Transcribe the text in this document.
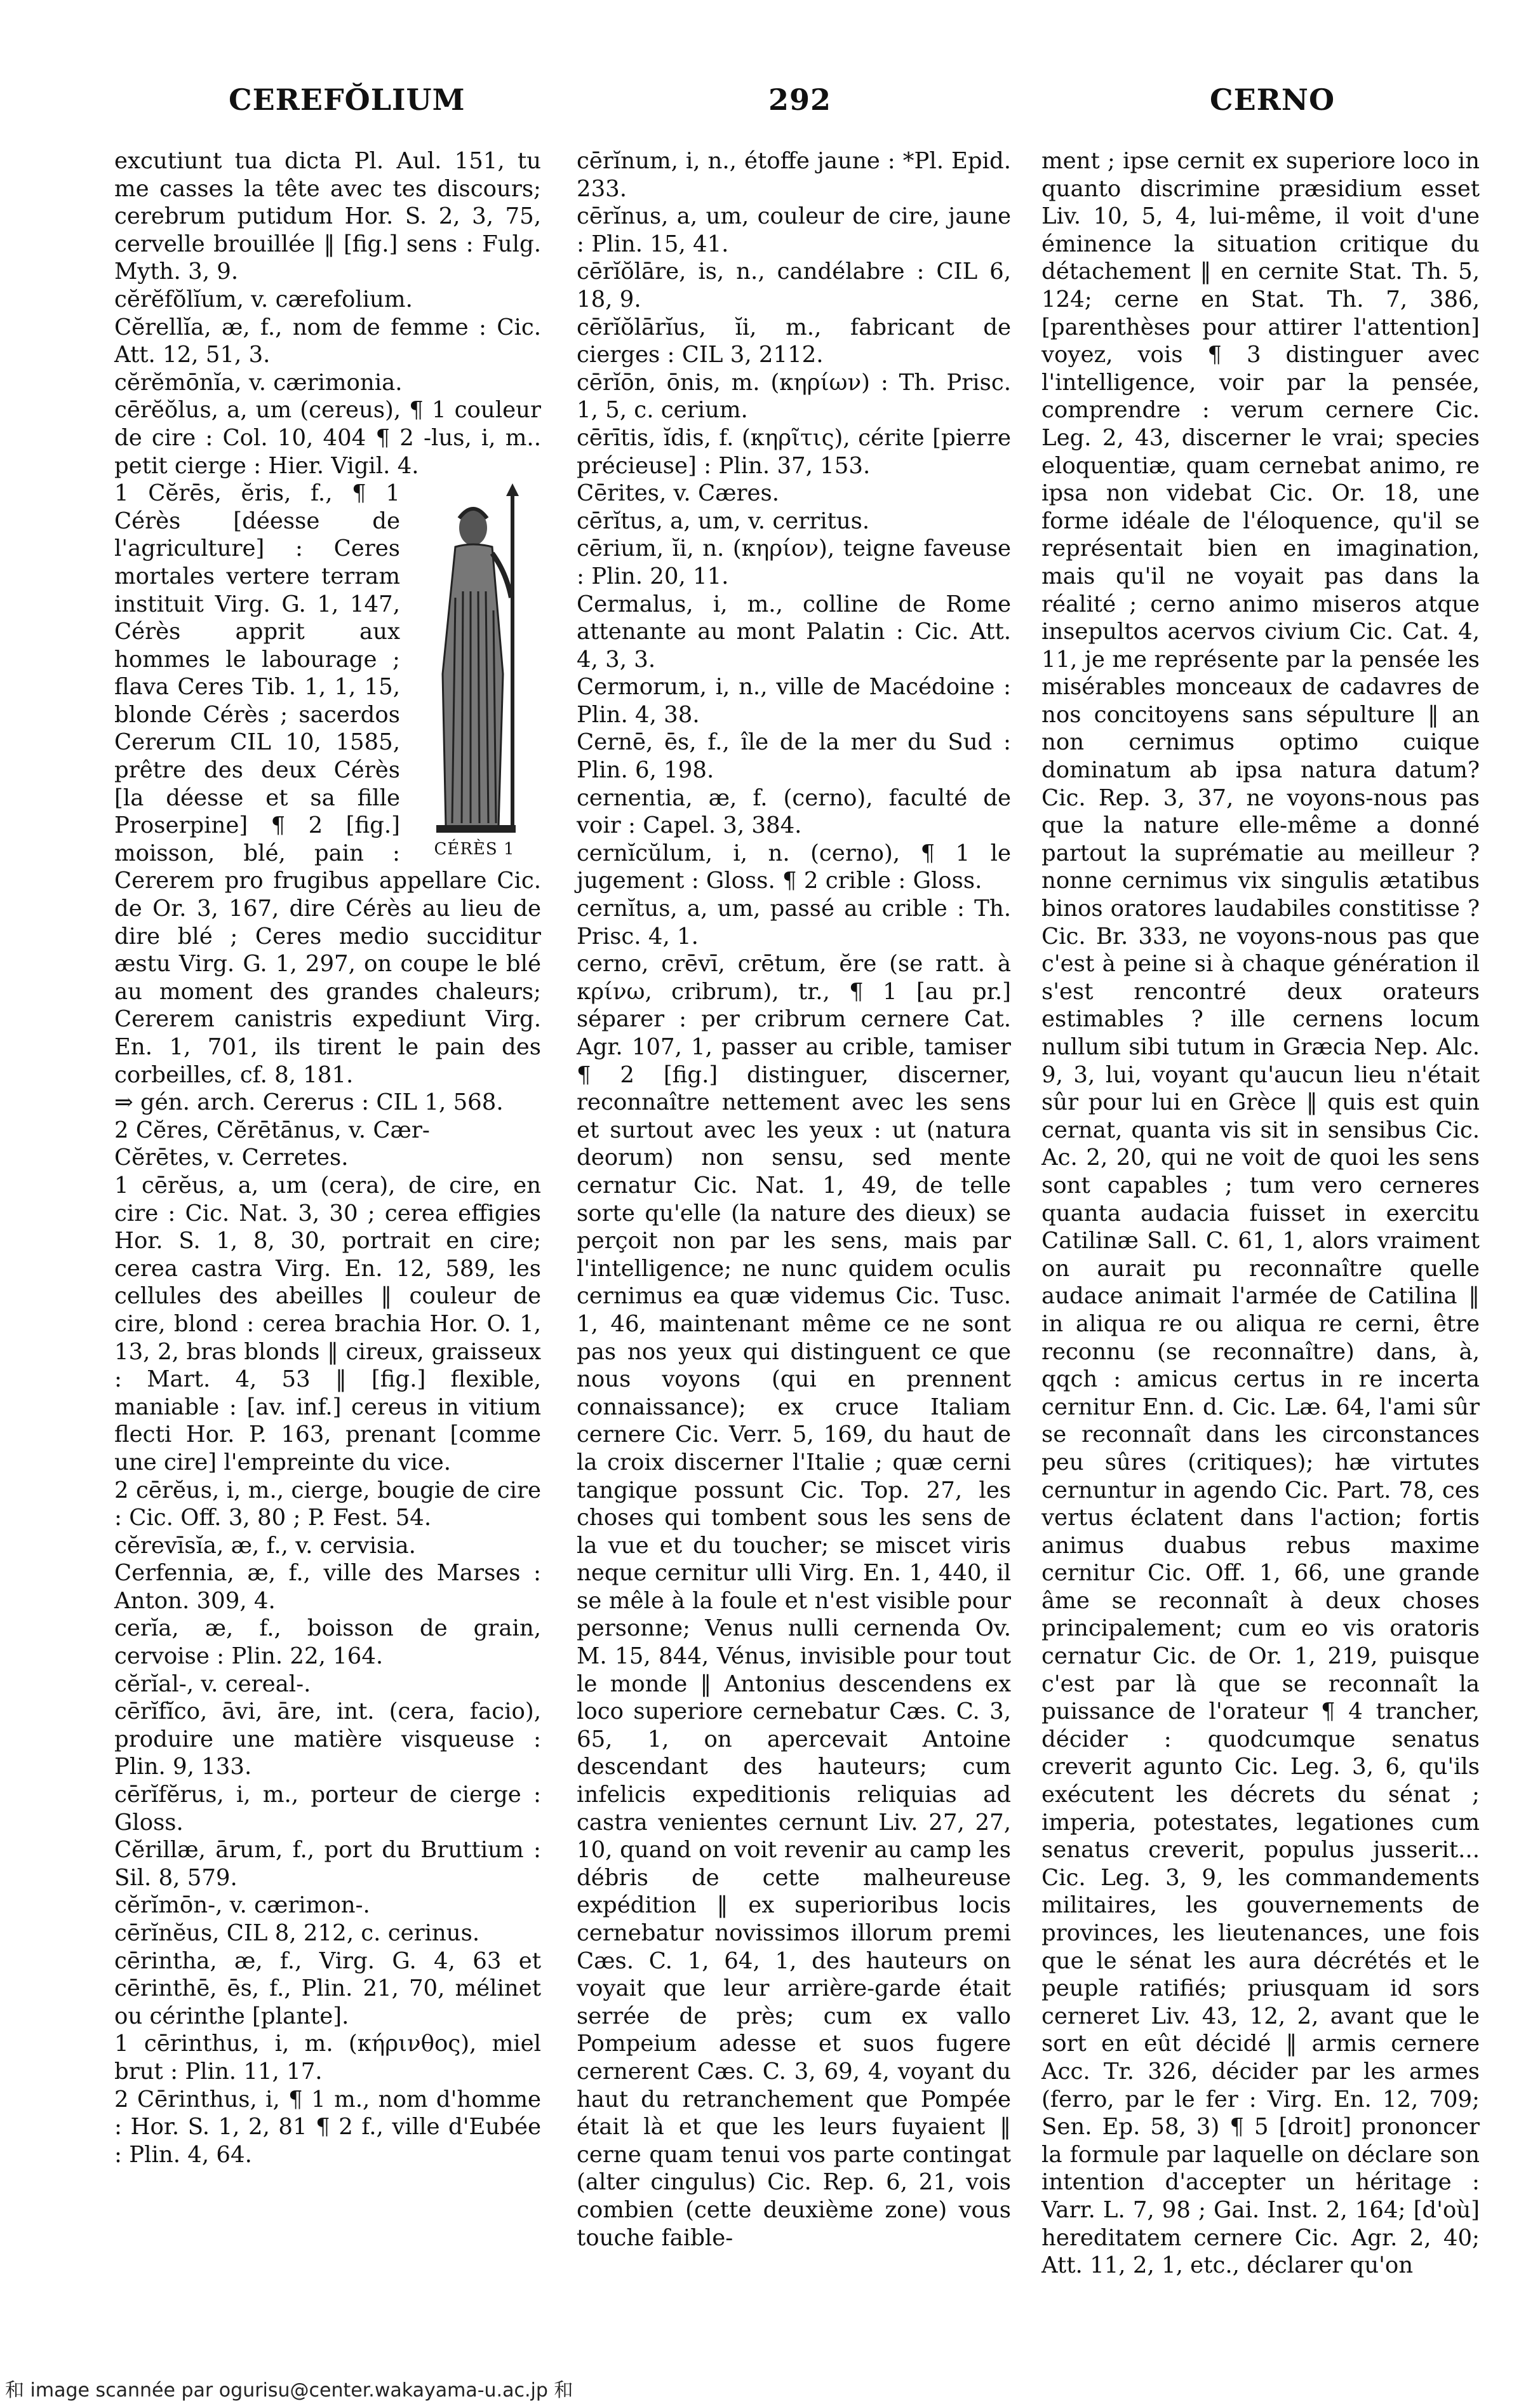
CEREFŎLIUM	292	CERNO

excutiunt tua dicta Pl. Aul. 151, tu me casses la tête avec tes discours; cerebrum putidum Hor. S. 2, 3, 75, cervelle brouillée ‖ [fig.] sens : Fulg. Myth. 3, 9.

cĕrĕfŏlĭum, v. cærefolium.

Cĕrellĭa, æ, f., nom de femme : Cic. Att. 12, 51, 3.

cĕrĕmōnĭa, v. cærimonia.

cērĕŏlus, a, um (cereus), ¶ 1 couleur de cire : Col. 10, 404 ¶ 2 -lus, i, m.. petit cierge : Hier. Vigil. 4.

CÉRÈS 1

1 Cĕrēs, ĕris, f., ¶ 1 Cérès [déesse de l'agriculture] : Ceres mortales vertere terram instituit Virg. G. 1, 147, Cérès apprit aux hommes le labourage ; flava Ceres Tib. 1, 1, 15, blonde Cérès ; sacerdos Cererum CIL 10, 1585, prêtre des deux Cérès [la déesse et sa fille Proserpine] ¶ 2 [fig.] moisson, blé, pain : Cererem pro frugibus appellare Cic. de Or. 3, 167, dire Cérès au lieu de dire blé ; Ceres medio succiditur æstu Virg. G. 1, 297, on coupe le blé au moment des grandes chaleurs; Cererem canistris expediunt Virg. En. 1, 701, ils tirent le pain des corbeilles, cf. 8, 181.

⇒ gén. arch. Cererus : CIL 1, 568.

2 Cĕres, Cĕrētānus, v. Cær-

Cĕrētes, v. Cerretes.

1 cērĕus, a, um (cera), de cire, en cire : Cic. Nat. 3, 30 ; cerea effigies Hor. S. 1, 8, 30, portrait en cire; cerea castra Virg. En. 12, 589, les cellules des abeilles ‖ couleur de cire, blond : cerea brachia Hor. O. 1, 13, 2, bras blonds ‖ cireux, graisseux : Mart. 4, 53 ‖ [fig.] flexible, maniable : [av. inf.] cereus in vitium flecti Hor. P. 163, prenant [comme une cire] l'empreinte du vice.

2 cērĕus, i, m., cierge, bougie de cire : Cic. Off. 3, 80 ; P. Fest. 54.

cĕrevīsĭa, æ, f., v. cervisia.

Cerfennia, æ, f., ville des Marses : Anton. 309, 4.

cerĭa, æ, f., boisson de grain, cervoise : Plin. 22, 164.

cĕrĭal-, v. cereal-.

cērĭfĭco, āvi, āre, int. (cera, facio), produire une matière visqueuse : Plin. 9, 133.

cērĭfĕrus, i, m., porteur de cierge : Gloss.

Cĕrillæ, ārum, f., port du Bruttium : Sil. 8, 579.

cĕrĭmōn-, v. cærimon-.

cērĭnĕus, CIL 8, 212, c. cerinus.

cērintha, æ, f., Virg. G. 4, 63 et cērinthē, ēs, f., Plin. 21, 70, mélinet ou cérinthe [plante].

1 cērinthus, i, m. (κήρινθος), miel brut : Plin. 11, 17.

2 Cērinthus, i, ¶ 1 m., nom d'homme : Hor. S. 1, 2, 81 ¶ 2 f., ville d'Eubée : Plin. 4, 64.

cērĭnum, i, n., étoffe jaune : *Pl. Epid. 233.

cērĭnus, a, um, couleur de cire, jaune : Plin. 15, 41.

cērĭŏlāre, is, n., candélabre : CIL 6, 18, 9.

cērĭŏlārĭus, ĭi, m., fabricant de cierges : CIL 3, 2112.

cērĭōn, ōnis, m. (κηρίων) : Th. Prisc. 1, 5, c. cerium.

cērītis, ĭdis, f. (κηρῖτις), cérite [pierre précieuse] : Plin. 37, 153.

Cērites, v. Cæres.

cērĭtus, a, um, v. cerritus.

cērium, ĭi, n. (κηρίον), teigne faveuse : Plin. 20, 11.

Cermalus, i, m., colline de Rome attenante au mont Palatin : Cic. Att. 4, 3, 3.

Cermorum, i, n., ville de Macédoine : Plin. 4, 38.

Cernē, ēs, f., île de la mer du Sud : Plin. 6, 198.

cernentia, æ, f. (cerno), faculté de voir : Capel. 3, 384.

cernĭcŭlum, i, n. (cerno), ¶ 1 le jugement : Gloss. ¶ 2 crible : Gloss.

cernĭtus, a, um, passé au crible : Th. Prisc. 4, 1.

cerno, crēvī, crētum, ĕre (se ratt. à κρίνω, cribrum), tr., ¶ 1 [au pr.] séparer : per cribrum cernere Cat. Agr. 107, 1, passer au crible, tamiser ¶ 2 [fig.] distinguer, discerner, reconnaître nettement avec les sens et surtout avec les yeux : ut (natura deorum) non sensu, sed mente cernatur Cic. Nat. 1, 49, de telle sorte qu'elle (la nature des dieux) se perçoit non par les sens, mais par l'intelligence; ne nunc quidem oculis cernimus ea quæ videmus Cic. Tusc. 1, 46, maintenant même ce ne sont pas nos yeux qui distinguent ce que nous voyons (qui en prennent connaissance); ex cruce Italiam cernere Cic. Verr. 5, 169, du haut de la croix discerner l'Italie ; quæ cerni tangique possunt Cic. Top. 27, les choses qui tombent sous les sens de la vue et du toucher; se miscet viris neque cernitur ulli Virg. En. 1, 440, il se mêle à la foule et n'est visible pour personne; Venus nulli cernenda Ov. M. 15, 844, Vénus, invisible pour tout le monde ‖ Antonius descendens ex loco superiore cernebatur Cæs. C. 3, 65, 1, on apercevait Antoine descendant des hauteurs; cum infelicis expeditionis reliquias ad castra venientes cernunt Liv. 27, 27, 10, quand on voit revenir au camp les débris de cette malheureuse expédition ‖ ex superioribus locis cernebatur novissimos illorum premi Cæs. C. 1, 64, 1, des hauteurs on voyait que leur arrière-garde était serrée de près; cum ex vallo Pompeium adesse et suos fugere cernerent Cæs. C. 3, 69, 4, voyant du haut du retranchement que Pompée était là et que les leurs fuyaient ‖ cerne quam tenui vos parte contingat (alter cingulus) Cic. Rep. 6, 21, vois combien (cette deuxième zone) vous touche faible-

ment ; ipse cernit ex superiore loco in quanto discrimine præsidium esset Liv. 10, 5, 4, lui-même, il voit d'une éminence la situation critique du détachement ‖ en cernite Stat. Th. 5, 124; cerne en Stat. Th. 7, 386, [parenthèses pour attirer l'attention] voyez, vois ¶ 3 distinguer avec l'intelligence, voir par la pensée, comprendre : verum cernere Cic. Leg. 2, 43, discerner le vrai; species eloquentiæ, quam cernebat animo, re ipsa non videbat Cic. Or. 18, une forme idéale de l'éloquence, qu'il se représentait bien en imagination, mais qu'il ne voyait pas dans la réalité ; cerno animo miseros atque insepultos acervos civium Cic. Cat. 4, 11, je me représente par la pensée les misérables monceaux de cadavres de nos concitoyens sans sépulture ‖ an non cernimus optimo cuique dominatum ab ipsa natura datum? Cic. Rep. 3, 37, ne voyons-nous pas que la nature elle-même a donné partout la suprématie au meilleur ? nonne cernimus vix singulis ætatibus binos oratores laudabiles constitisse ? Cic. Br. 333, ne voyons-nous pas que c'est à peine si à chaque génération il s'est rencontré deux orateurs estimables ? ille cernens locum nullum sibi tutum in Græcia Nep. Alc. 9, 3, lui, voyant qu'aucun lieu n'était sûr pour lui en Grèce ‖ quis est quin cernat, quanta vis sit in sensibus Cic. Ac. 2, 20, qui ne voit de quoi les sens sont capables ; tum vero cerneres quanta audacia fuisset in exercitu Catilinæ Sall. C. 61, 1, alors vraiment on aurait pu reconnaître quelle audace animait l'armée de Catilina ‖ in aliqua re ou aliqua re cerni, être reconnu (se reconnaître) dans, à, qqch : amicus certus in re incerta cernitur Enn. d. Cic. Læ. 64, l'ami sûr se reconnaît dans les circonstances peu sûres (critiques); hæ virtutes cernuntur in agendo Cic. Part. 78, ces vertus éclatent dans l'action; fortis animus duabus rebus maxime cernitur Cic. Off. 1, 66, une grande âme se reconnaît à deux choses principalement; cum eo vis oratoris cernatur Cic. de Or. 1, 219, puisque c'est par là que se reconnaît la puissance de l'orateur ¶ 4 trancher, décider : quodcumque senatus creverit agunto Cic. Leg. 3, 6, qu'ils exécutent les décrets du sénat ; imperia, potestates, legationes cum senatus creverit, populus jusserit... Cic. Leg. 3, 9, les commandements militaires, les gouvernements de provinces, les lieutenances, une fois que le sénat les aura décrétés et le peuple ratifiés; priusquam id sors cerneret Liv. 43, 12, 2, avant que le sort en eût décidé ‖ armis cernere Acc. Tr. 326, décider par les armes (ferro, par le fer : Virg. En. 12, 709; Sen. Ep. 58, 3) ¶ 5 [droit] prononcer la formule par laquelle on déclare son intention d'accepter un héritage : Varr. L. 7, 98 ; Gai. Inst. 2, 164; [d'où] hereditatem cernere Cic. Agr. 2, 40; Att. 11, 2, 1, etc., déclarer qu'on

和 image scannée par ogurisu@center.wakayama-u.ac.jp 和
